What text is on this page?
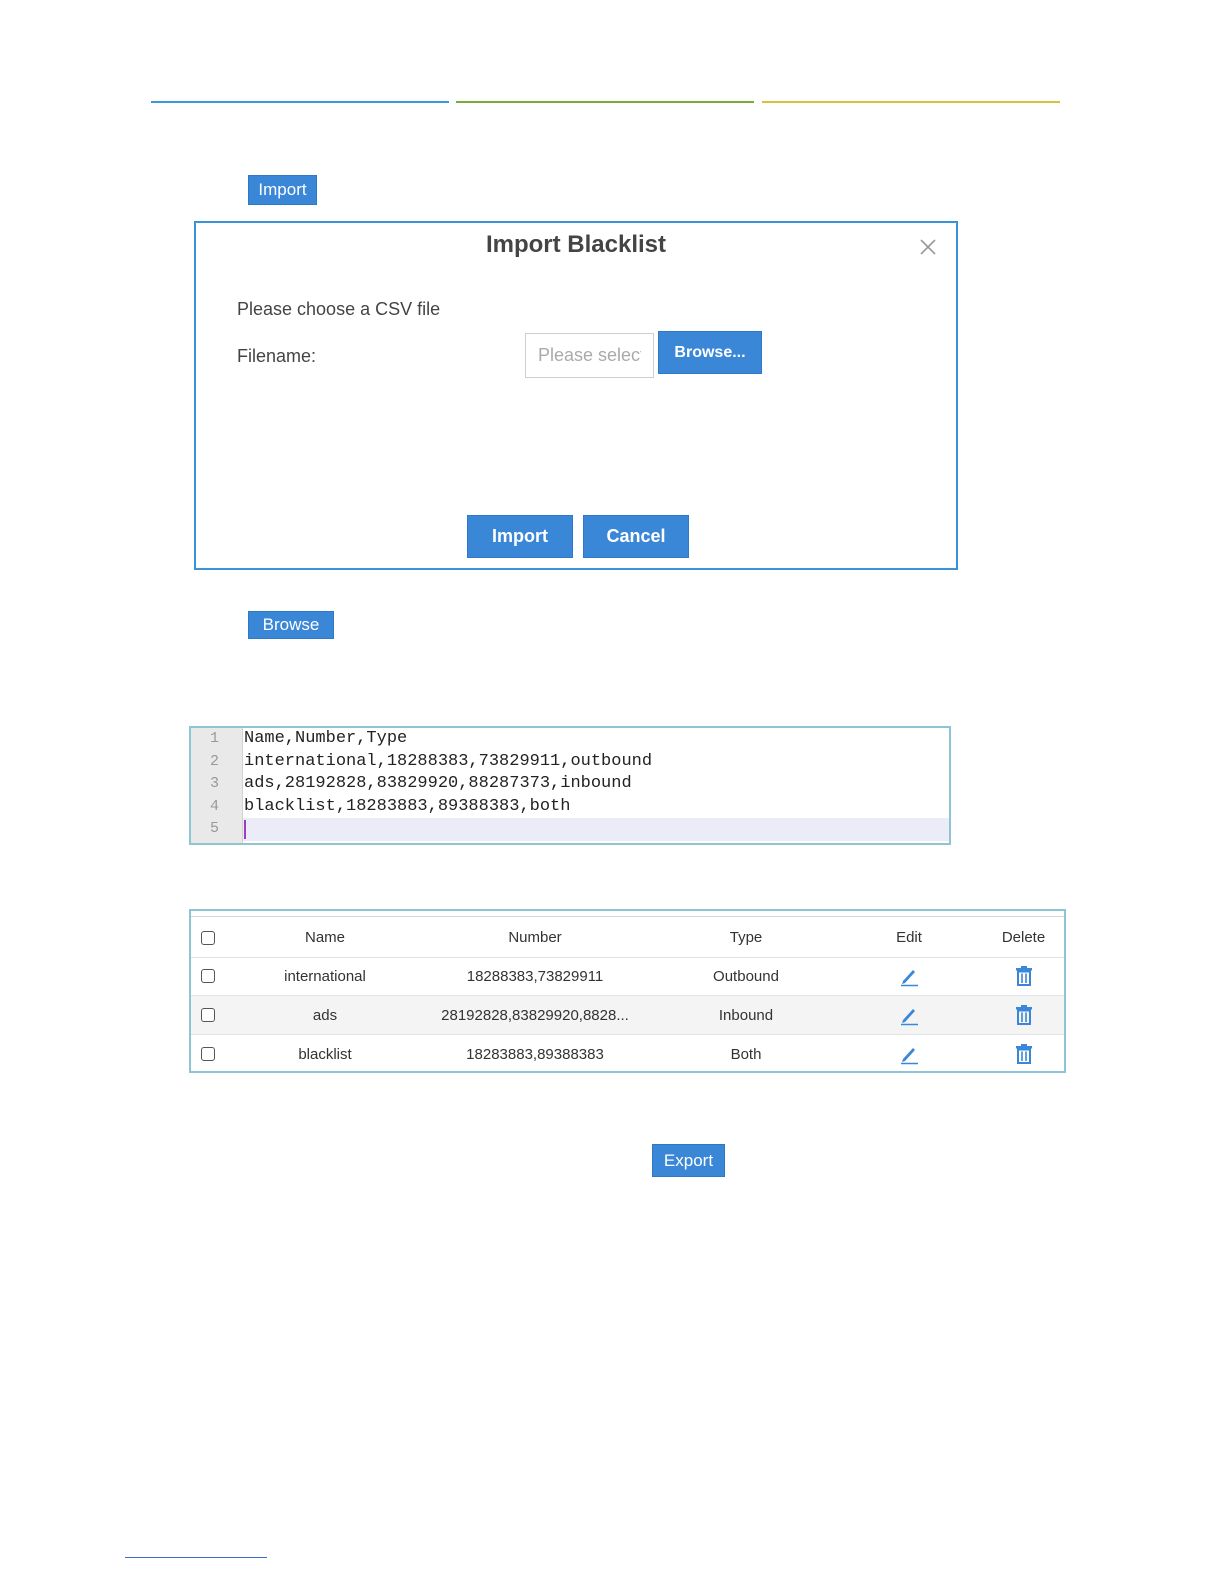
Import
Import Blacklist
Please choose a CSV file
Filename:
Please select	Browse...
Import	Cancel
Browse
1 Name,Number,Type
2 international,18288383,73829911,outbound
3 ads,28192828,83829920,88287373,inbound
4 blacklist,18283883,89388383,both
5
Name	Number	Type	Edit	Delete
international	18288383,73829911	Outbound
ads	28192828,83829920,8828...	Inbound
blacklist	18283883,89388383	Both
Export
